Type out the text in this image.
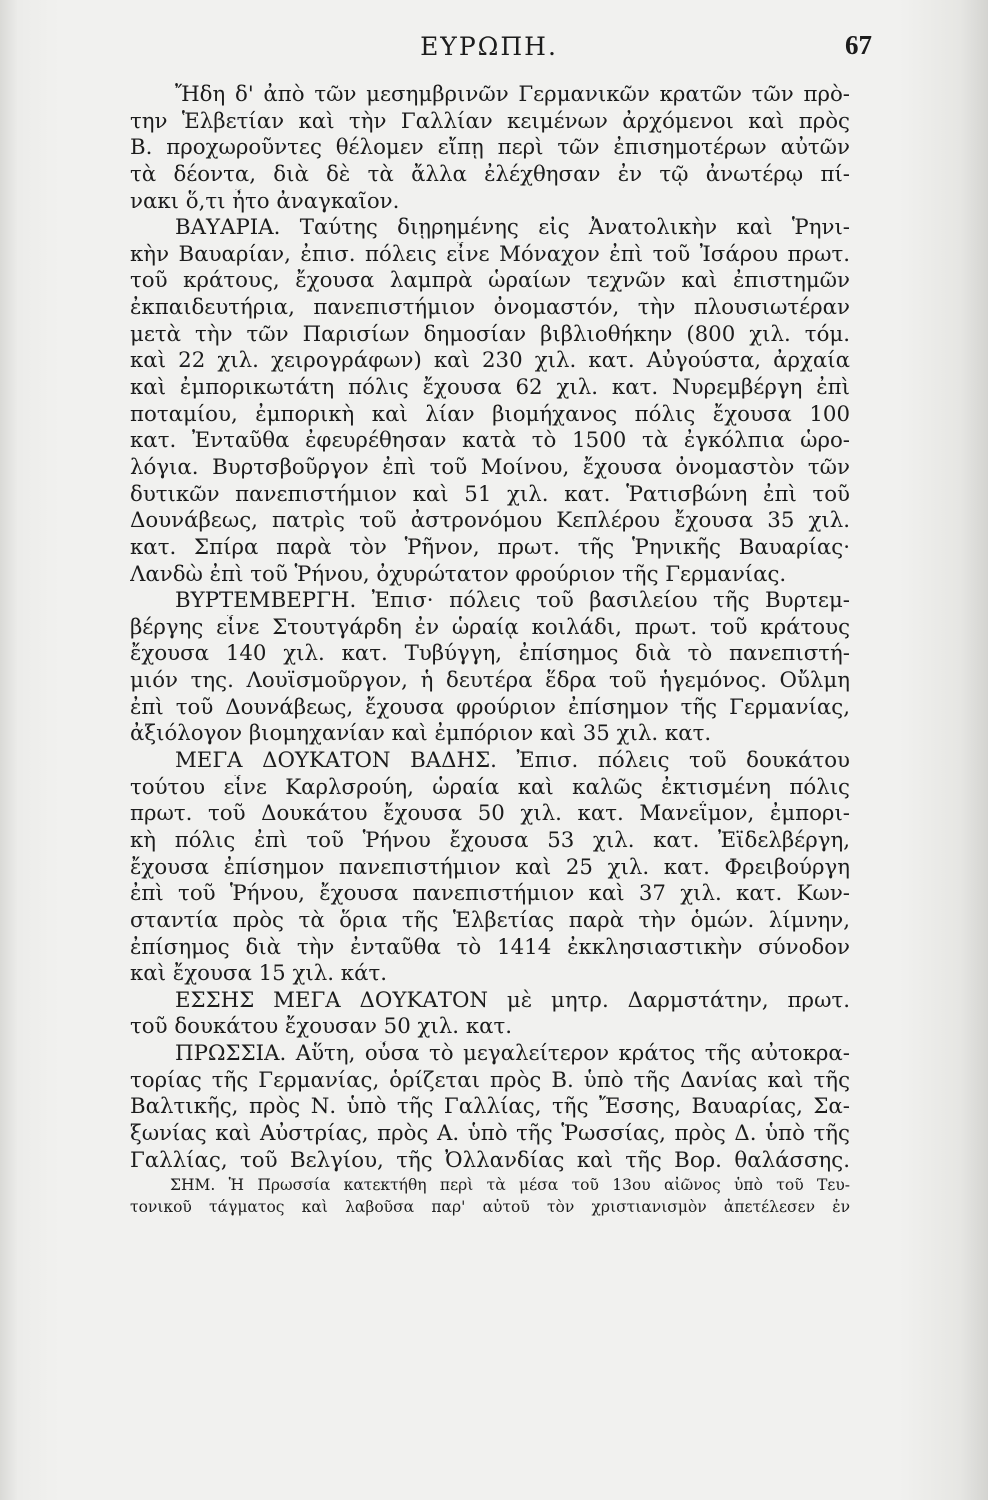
ΕΥΡΩΠΗ.	67
Ἤδη δ' ἀπὸ τῶν μεσημβρινῶν Γερμανικῶν κρατῶν τῶν πρὸ-
την Ἑλβετίαν καὶ τὴν Γαλλίαν κειμένων ἀρχόμενοι καὶ πρὸς
Β. προχωροῦντες θέλομεν εἴπῃ περὶ τῶν ἐπισημοτέρων αὐτῶν
τὰ δέοντα, διὰ δὲ τὰ ἄλλα ἐλέχθησαν ἐν τῷ ἀνωτέρῳ πί-
νακι ὅ,τι ἦτο ἀναγκαῖον.
ΒΑΥΑΡΙΑ. Ταύτης διῃρημένης εἰς Ἀνατολικὴν καὶ Ῥηνι-
κὴν Βαυαρίαν, ἐπισ. πόλεις εἶνε Μόναχον ἐπὶ τοῦ Ἰσάρου πρωτ.
τοῦ κράτους, ἔχουσα λαμπρὰ ὡραίων τεχνῶν καὶ ἐπιστημῶν
ἐκπαιδευτήρια, πανεπιστήμιον ὀνομαστόν, τὴν πλουσιωτέραν
μετὰ τὴν τῶν Παρισίων δημοσίαν βιβλιοθήκην (800 χιλ. τόμ.
καὶ 22 χιλ. χειρογράφων) καὶ 230 χιλ. κατ. Αὐγούστα, ἀρχαία
καὶ ἐμπορικωτάτη πόλις ἔχουσα 62 χιλ. κατ. Νυρεμβέργη ἐπὶ
ποταμίου, ἐμπορικὴ καὶ λίαν βιομήχανος πόλις ἔχουσα 100
κατ. Ἐνταῦθα ἐφευρέθησαν κατὰ τὸ 1500 τὰ ἐγκόλπια ὡρο-
λόγια. Βυρτσβοῦργον ἐπὶ τοῦ Μοίνου, ἔχουσα ὀνομαστὸν τῶν
δυτικῶν πανεπιστήμιον καὶ 51 χιλ. κατ. Ῥατισβώνη ἐπὶ τοῦ
Δουνάβεως, πατρὶς τοῦ ἀστρονόμου Κεπλέρου ἔχουσα 35 χιλ.
κατ. Σπίρα παρὰ τὸν Ῥῆνον, πρωτ. τῆς Ῥηνικῆς Βαυαρίας·
Λανδὼ ἐπὶ τοῦ Ῥήνου, ὀχυρώτατον φρούριον τῆς Γερμανίας.
ΒΥΡΤΕΜΒΕΡΓΗ. Ἐπισ· πόλεις τοῦ βασιλείου τῆς Βυρτεμ-
βέργης εἶνε Στουτγάρδη ἐν ὡραίᾳ κοιλάδι, πρωτ. τοῦ κράτους
ἔχουσα 140 χιλ. κατ. Τυβύγγη, ἐπίσημος διὰ τὸ πανεπιστή-
μιόν της. Λουϊσμοῦργον, ἡ δευτέρα ἕδρα τοῦ ἡγεμόνος. Οὔλμη
ἐπὶ τοῦ Δουνάβεως, ἔχουσα φρούριον ἐπίσημον τῆς Γερμανίας,
ἀξιόλογον βιομηχανίαν καὶ ἐμπόριον καὶ 35 χιλ. κατ.
ΜΕΓΑ ΔΟΥΚΑΤΟΝ ΒΑΔΗΣ. Ἐπισ. πόλεις τοῦ δουκάτου
τούτου εἶνε Καρλσρούη, ὡραία καὶ καλῶς ἐκτισμένη πόλις
πρωτ. τοῦ Δουκάτου ἔχουσα 50 χιλ. κατ. Μανεΐμον, ἐμπορι-
κὴ πόλις ἐπὶ τοῦ Ῥήνου ἔχουσα 53 χιλ. κατ. Ἐϊδελβέργη,
ἔχουσα ἐπίσημον πανεπιστήμιον καὶ 25 χιλ. κατ. Φρειβούργη
ἐπὶ τοῦ Ῥήνου, ἔχουσα πανεπιστήμιον καὶ 37 χιλ. κατ. Κων-
σταντία πρὸς τὰ ὅρια τῆς Ἑλβετίας παρὰ τὴν ὁμών. λίμνην,
ἐπίσημος διὰ τὴν ἐνταῦθα τὸ 1414 ἐκκλησιαστικὴν σύνοδον
καὶ ἔχουσα 15 χιλ. κάτ.
ΕΣΣΗΣ ΜΕΓΑ ΔΟΥΚΑΤΟΝ μὲ μητρ. Δαρμστάτην, πρωτ.
τοῦ δουκάτου ἔχουσαν 50 χιλ. κατ.
ΠΡΩΣΣΙΑ. Αὕτη, οὖσα τὸ μεγαλείτερον κράτος τῆς αὐτοκρα-
τορίας τῆς Γερμανίας, ὁρίζεται πρὸς Β. ὑπὸ τῆς Δανίας καὶ τῆς
Βαλτικῆς, πρὸς Ν. ὑπὸ τῆς Γαλλίας, τῆς Ἔσσης, Βαυαρίας, Σα-
ξωνίας καὶ Αὐστρίας, πρὸς Α. ὑπὸ τῆς Ῥωσσίας, πρὸς Δ. ὑπὸ τῆς
Γαλλίας, τοῦ Βελγίου, τῆς Ὀλλανδίας καὶ τῆς Βορ. θαλάσσης.
ΣΗΜ. Ἡ Πρωσσία κατεκτήθη περὶ τὰ μέσα τοῦ 13ου αἰῶνος ὑπὸ τοῦ Τευ-
τονικοῦ τάγματος καὶ λαβοῦσα παρ' αὐτοῦ τὸν χριστιανισμὸν ἀπετέλεσεν ἐν
